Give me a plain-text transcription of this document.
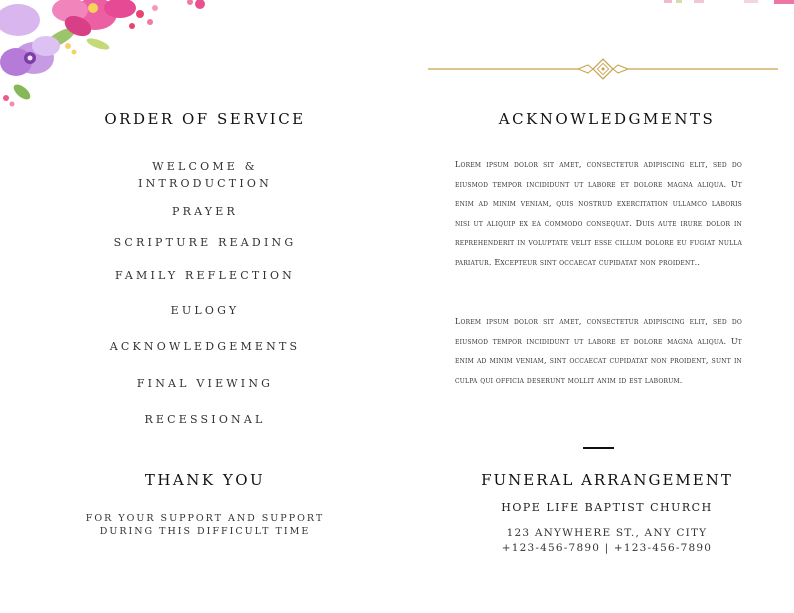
ORDER OF SERVICE
WELCOME &
INTRODUCTION
PRAYER
SCRIPTURE READING
FAMILY REFLECTION
EULOGY
ACKNOWLEDGEMENTS
FINAL VIEWING
RECESSIONAL
THANK YOU
FOR YOUR SUPPORT AND SUPPORT
DURING THIS DIFFICULT TIME
ACKNOWLEDGMENTS
Lorem ipsum dolor sit amet, consectetur adipiscing elit, sed do eiusmod tempor incididunt ut labore et dolore magna aliqua. Ut enim ad minim veniam, quis nostrud exercitation ullamco laboris nisi ut aliquip ex ea commodo consequat. Duis aute irure dolor in reprehenderit in voluptate velit esse cillum dolore eu fugiat nulla pariatur. Excepteur sint occaecat cupidatat non proident..
Lorem ipsum dolor sit amet, consectetur adipiscing elit, sed do eiusmod tempor incididunt ut labore et dolore magna aliqua. Ut enim ad minim veniam, sint occaecat cupidatat non proident, sunt in culpa qui officia deserunt mollit anim id est laborum.
FUNERAL ARRANGEMENT
HOPE LIFE BAPTIST CHURCH
123 ANYWHERE ST., ANY CITY
+123-456-7890 | +123-456-7890
